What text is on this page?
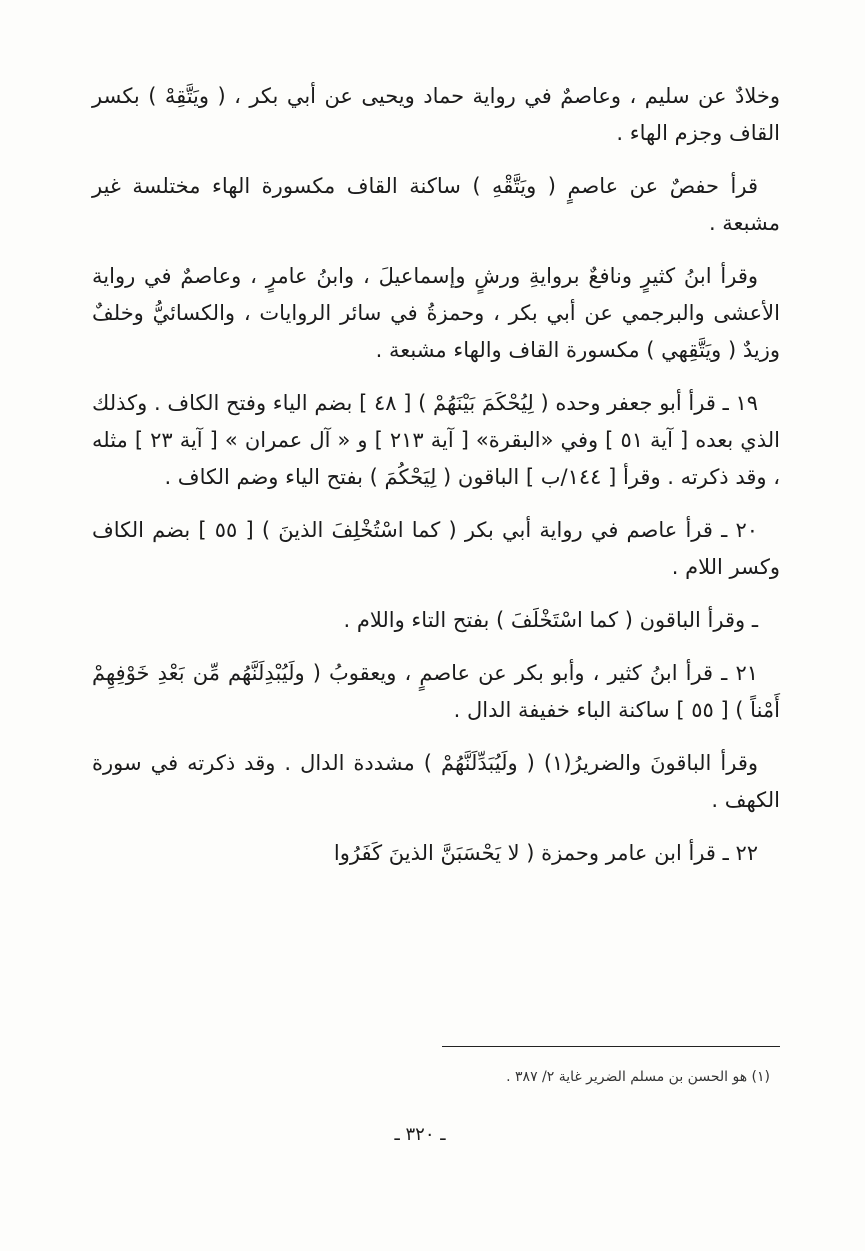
وخلادٌ عن سليم ، وعاصمٌ في رواية حماد ويحيى عن أبي بكر ، ( ويَتَّقِهْ ) بكسر القاف وجزم الهاء .

قرأ حفصٌ عن عاصمٍ ( ويَتَّقْهِ ) ساكنة القاف مكسورة الهاء مختلسة غير مشبعة .

وقرأ ابنُ كثيرٍ ونافعٌ بروايةِ ورشٍ وإسماعيلَ ، وابنُ عامرٍ ، وعاصمٌ في رواية الأعشى والبرجمي عن أبي بكر ، وحمزةُ في سائر الروايات ، والكسائيُّ وخلفٌ وزيدٌ ( ويَتَّقِهي ) مكسورة القاف والهاء مشبعة .

١٩ ـ قرأ أبو جعفر وحده ( لِيُحْكَمَ بَيْنَهُمْ ) [ ٤٨ ] بضم الياء وفتح الكاف . وكذلك الذي بعده [ آية ٥١ ] وفي «البقرة» [ آية ٢١٣ ] و « آل عمران » [ آية ٢٣ ] مثله ، وقد ذكرته . وقرأ [ ١٤٤/ب ] الباقون ( لِيَحْكُمَ ) بفتح الياء وضم الكاف .

٢٠ ـ قرأ عاصم في رواية أبي بكر ( كما اسْتُخْلِفَ الذينَ ) [ ٥٥ ] بضم الكاف وكسر اللام .

ـ وقرأ الباقون ( كما اسْتَخْلَفَ ) بفتح التاء واللام .

٢١ ـ قرأ ابنُ كثير ، وأبو بكر عن عاصمٍ ، ويعقوبُ ( ولَيُبْدِلَنَّهُم مِّن بَعْدِ خَوْفِهِمْ أَمْناً ) [ ٥٥ ] ساكنة الباء خفيفة الدال .

وقرأ الباقونَ والضريرُ(١) ( ولَيُبَدِّلَنَّهُمْ ) مشددة الدال . وقد ذكرته في سورة الكهف .

٢٢ ـ قرأ ابن عامر وحمزة ( لا يَحْسَبَنَّ الذينَ كَفَرُوا

(١) هو الحسن بن مسلم الضرير غاية ٢/ ٣٨٧ .
ـ ٣٢٠ ـ
